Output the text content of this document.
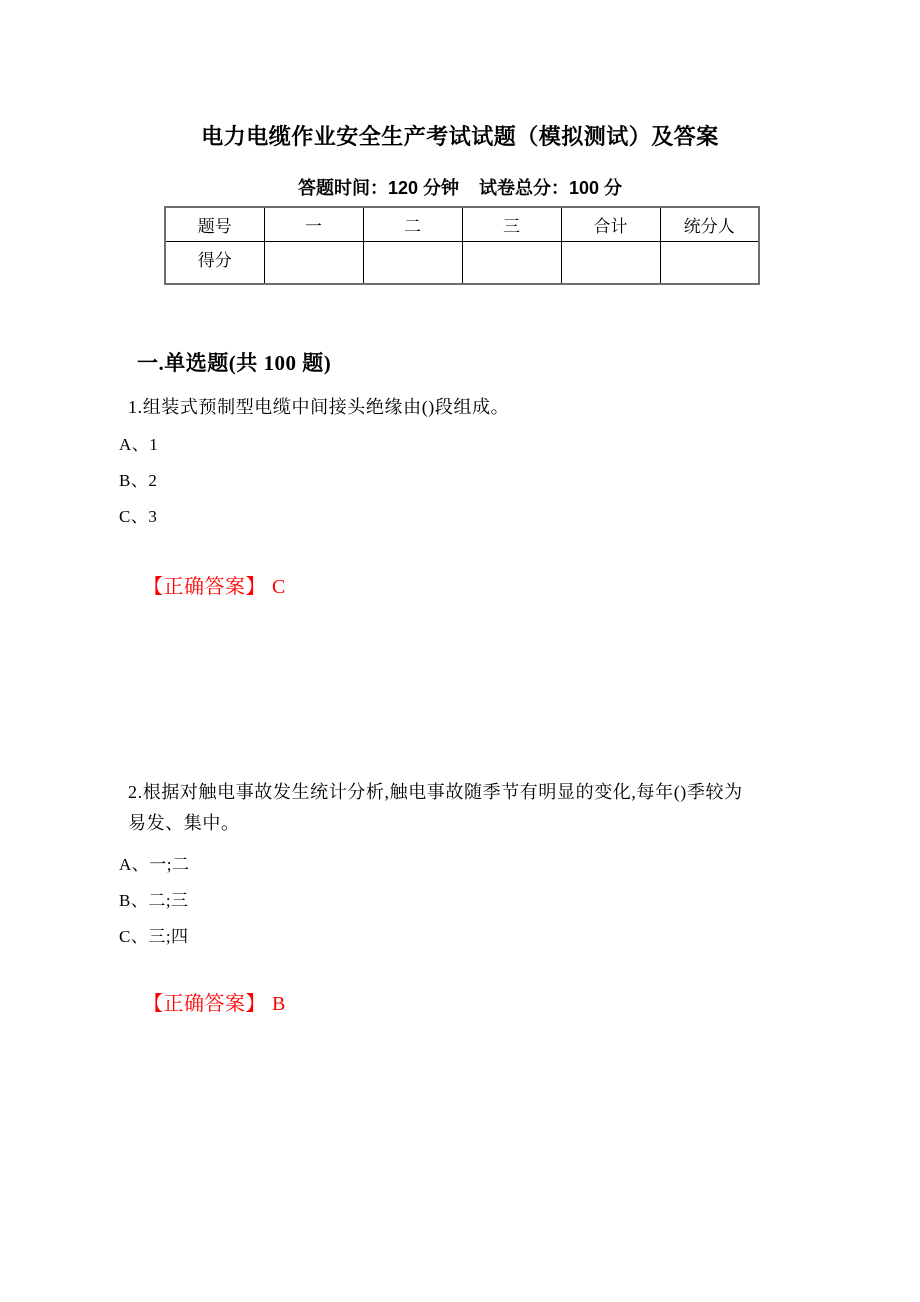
电力电缆作业安全生产考试试题（模拟测试）及答案
答题时间：120 分钟 试卷总分：100 分
题号	一	二	三	合计	统分人
得分					
一.单选题(共 100 题)
1.组装式预制型电缆中间接头绝缘由()段组成。
A、1
B、2
C、3
【正确答案】 C
2.根据对触电事故发生统计分析,触电事故随季节有明显的变化,每年()季较为
易发、集中。
A、一;二
B、二;三
C、三;四
【正确答案】 B
